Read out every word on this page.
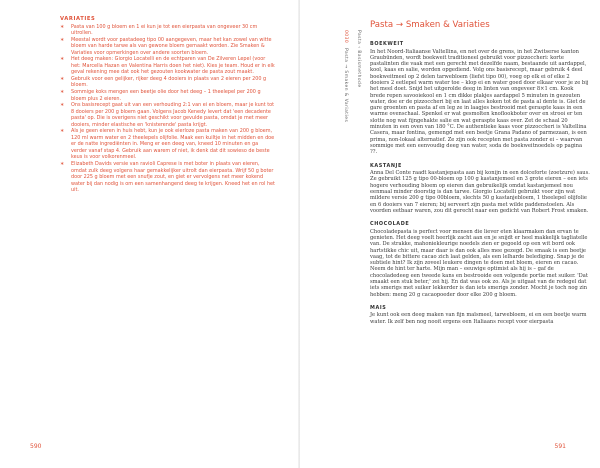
VARIATIES
∗ Pasta van 100 g bloem en 1 ei kun je tot een eierpasta van ongeveer 30 cm uitrollen.
∗ Meestal wordt voor pastadeeg tipo 00 aangegeven, maar het kan zowel van witte bloem van harde tarwe als van gewone bloem gemaakt worden. Zie Smaken & Variaties voor opmerkingen over andere soorten bloem.
∗ Het deeg maken: Giorgio Locatelli en de echtparen van De Zilveren Lepel (voor het: Marcella Hazan en Valentina Harris doen het niet). Kies je team. Houd er in elk geval rekening mee dat ook het gezouten kookwater de pasta zout maakt.
∗ Gebruik voor een gelijker, rijker deeg 4 dooiers in plaats van 2 eieren per 200 g bloem.
∗ Sommige koks mengen een beetje olie door het deeg – 1 theelepel per 200 g bloem plus 2 eieren.
∗ Ons basisrecept gaat uit van een verhouding 2:1 van ei en bloem, maar je kunt tot 8 dooiers per 200 g bloem gaan. Volgens Jacob Kenedy levert dat 'een decadente pasta' op. Die is overigens niet geschikt voor gevulde pasta, omdat je met meer dooiers, minder elastische en 'knisterende' pasta krijgt.
∗ Als je geen eieren in huis hebt, kun je ook eierloze pasta maken van 200 g bloem, 120 ml warm water en 2 theelepels olijfolie. Maak een kuiltje in het midden en doe er de natte ingrediënten in. Meng er een deeg van, kneed 10 minuten en ga verder vanaf stap 4. Gebruik aan warem of niet, ik denk dat dit sowieso de beste keus is voor volkorenmeel.
∗ Elizabeth Davids versie van ravioli Caprese is met boter in plaats van eieren, omdat zulk deeg volgens haar gemakkelijker uitrolt dan eierpasta. Wrijf 50 g boter door 225 g bloem met een snufje zout, en giet er vervolgens net meer kokend water bij dan nodig is om een samenhangend deeg te krijgen. Kneed het en rol het uit.
590
0030 Pasta → Smaken & Variaties Pasta ‹ Basismethode
Pasta → Smaken & Variaties
BOEKWEIT

In het Noord-Italiaanse Valtellina, en net over de grens, in het Zwitserse kanton Graubünden, wordt boekweit traditioneel gebruikt voor pizzoccheri: korte pastalinten die vaak met een gerecht met dezelfde naam, bestaande uit aardappel, kool, kaas en salie, worden opgediend. Volg ons basisrecept, maar gebruik 4 deel boekweitmeel op 2 delen tarwebloem (liefst tipo 00), voeg op elk ei of elke 2 dooiers 2 eetlepel warm water toe – klop ei en water goed door elkaar voor je ze bij het meel doet. Snijd het uitgerolde deeg in linten van ongeveer 8×1 cm. Kook brede repen savooiekool en 1 cm dikke plakjes aardappel 5 minuten in gezouten water, doe er de pizzoccheri bij en laat alles koken tot de pasta al dente is. Giet de gare groenten en pasta af en leg ze in laagjes bestrooid met geraspte kaas in een warme ovenschaal. Spenkel er wat gesmolten knoflookboter over en strooi er ten slotte nog wat fijngehakte salie en wat geraspte kaas over. Zet de schaal 20 minuten in een oven van 180 °C. De authentieke kaas voor pizzoccheri is Valtellina Casera, maar fontina, gemengd met een beetje Grana Padano of parmezaan, is een prima, non-lokaal alternatief. Ze zijn ook recepten met pasta zonder ei – waarvan sommige met een eenvoudig deeg van water, soda de boekweitnoedels op pagina ??.

KASTANJE

Anna Del Conte raadt kastanjepasta aan bij konijn in een dolceforte (zoetzure) saus. Ze gebruikt 125 g tipo 00-bloem op 100 g kastanjemeel en 3 grote eieren – een iets hogere verhouding bloem op eieren dan gebruikelijk omdat kastanjemeel nou eenmaal minder doorstig is dan tarwe. Giorgio Locatelli gebruikt voor zijn wat mildere versie 200 g tipo 00bloem, slechts 50 g kastanjebloem, 1 theelepel olijfolie en 6 dooiers van 7 eieren; bij serveert zijn pasta met wilde paddenstoelen. Als voorden eetbaar waren, zou dit gerecht naar een gedicht van Robert Frost smaken.

CHOCOLADE

Chocoladepasta is perfect voor mensen die liever eten klaarmaken dan ervan te genieten. Het deeg voelt heerlijk zacht aan en je snijdt er heel makkelijk tagliatelle van. De strakke, mahoniekleurige noedels zien er gegoeld op een wit bord ook hartstikke chic uit, maar daar is dan ook alles mee gezegd. De smaak is een beetje vaag, tot de bittere cacao zich laat gelden, als een lelharde belediging. Snap je de subtiele hint? Ik zijn zoveel leukere dingen te doen met bloem, eieren en cacao. Neem de hint ter harte. Mijn man – eeuwige optimist als hij is – gaf de chocoladedeeg een tweede kans en bestrooide een volgende portie met suiker. 'Dat smaakt een stuk beter,' zei hij. En dat was ook zo. Als je uitgaat van de redegel dat iets smerigs met suiker lekkerder is dan iets smerigs zonder. Mocht je toch nog zin hebben: meng 20 g cacaopoeder door elke 200 g bloem.

MAIS

Je kunt ook een deeg maken van fijn maïsmeel, tarwebloem, ei en een beetje warm water. Ik zelf ben nog nooit ergens een Italiaans recept voor eierpasta

591
